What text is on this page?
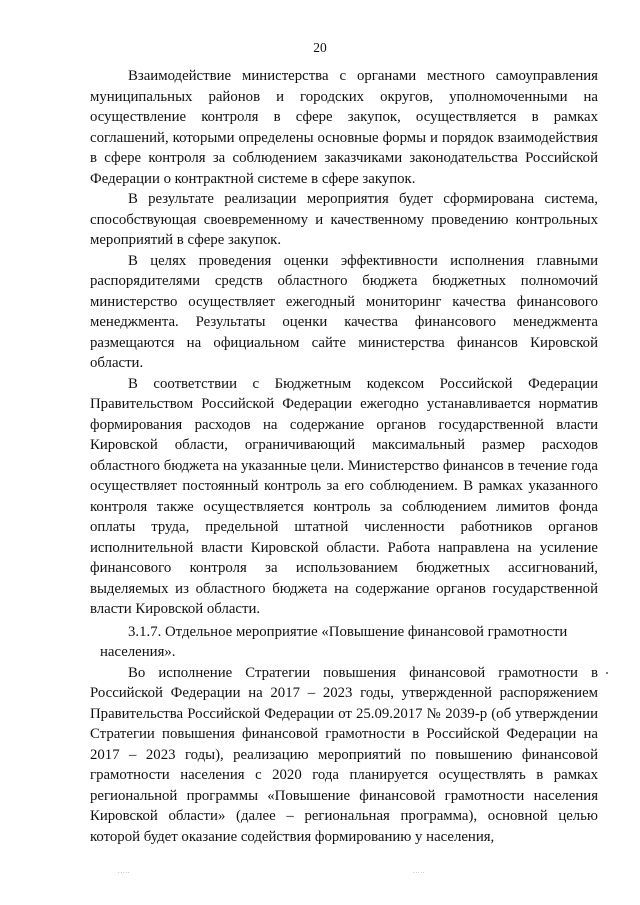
20

Взаимодействие министерства с органами местного самоуправления муниципальных районов и городских округов, уполномоченными на осуществление контроля в сфере закупок, осуществляется в рамках соглашений, которыми определены основные формы и порядок взаимодействия в сфере контроля за соблюдением заказчиками законодательства Российской Федерации о контрактной системе в сфере закупок.

В результате реализации мероприятия будет сформирована система, способствующая своевременному и качественному проведению контрольных мероприятий в сфере закупок.

В целях проведения оценки эффективности исполнения главными распорядителями средств областного бюджета бюджетных полномочий министерство осуществляет ежегодный мониторинг качества финансового менеджмента. Результаты оценки качества финансового менеджмента размещаются на официальном сайте министерства финансов Кировской области.

В соответствии с Бюджетным кодексом Российской Федерации Правительством Российской Федерации ежегодно устанавливается норматив формирования расходов на содержание органов государственной власти Кировской области, ограничивающий максимальный размер расходов областного бюджета на указанные цели. Министерство финансов в течение года осуществляет постоянный контроль за его соблюдением. В рамках указанного контроля также осуществляется контроль за соблюдением лимитов фонда оплаты труда, предельной штатной численности работников органов исполнительной власти Кировской области. Работа направлена на усиление финансового контроля за использованием бюджетных ассигнований, выделяемых из областного бюджета на содержание органов государственной власти Кировской области.

3.1.7. Отдельное мероприятие «Повышение финансовой грамотности
населения».

Во исполнение Стратегии повышения финансовой грамотности в Российской Федерации на 2017 – 2023 годы, утвержденной распоряжением Правительства Российской Федерации от 25.09.2017 № 2039-р (об утверждении Стратегии повышения финансовой грамотности в Российской Федерации на 2017 – 2023 годы), реализацию мероприятий по повышению финансовой грамотности населения с 2020 года планируется осуществлять в рамках региональной программы «Повышение финансовой грамотности населения Кировской области» (далее – региональная программа), основной целью которой будет оказание содействия формированию у населения,

.....	.....
